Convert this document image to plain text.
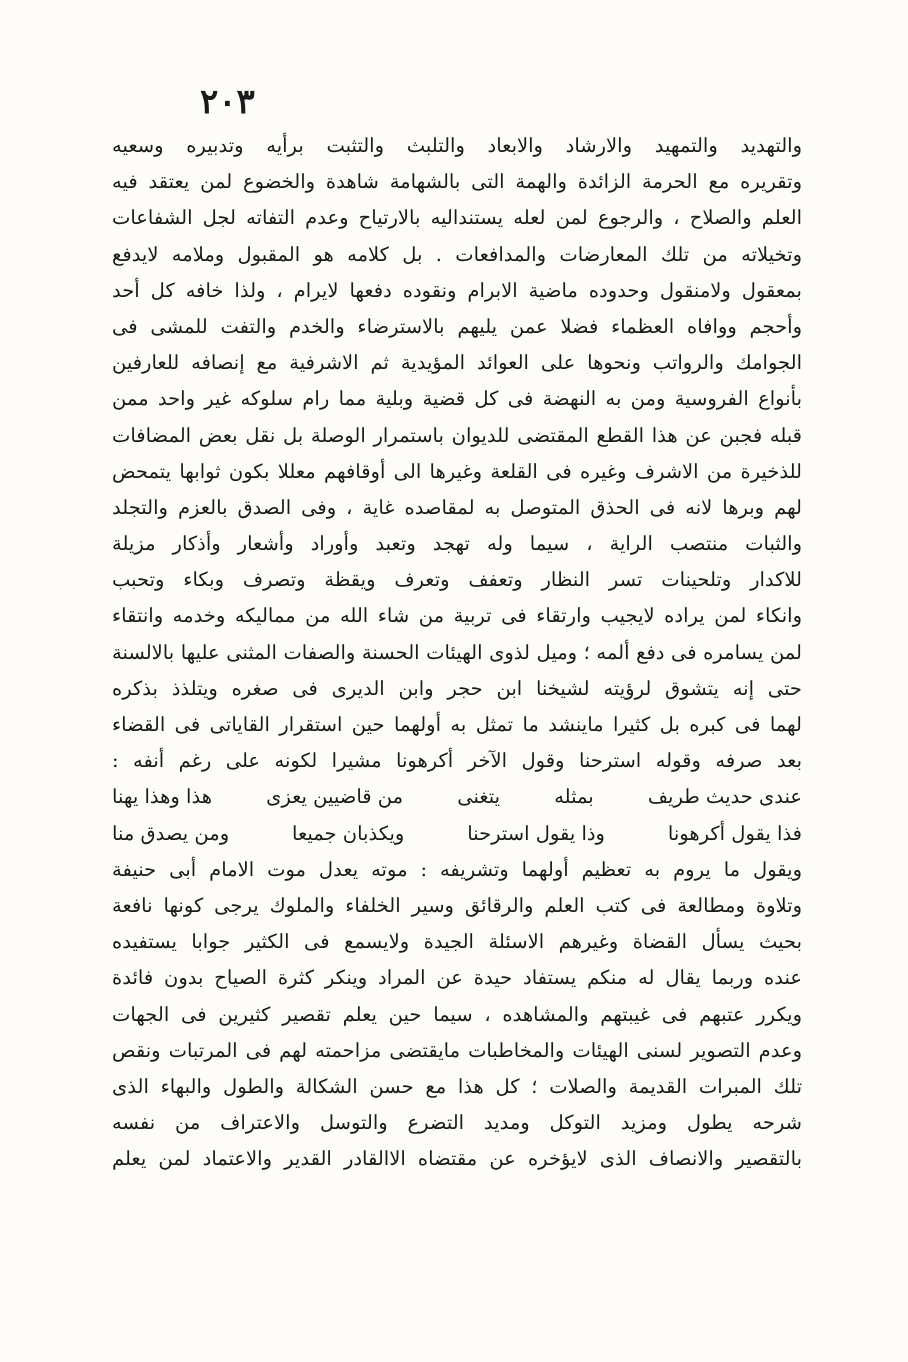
٢٠٣
والتهديد والتمهيد والارشاد والابعاد والتلبث والتثبت برأيه وتدبيره وسعيه
وتقريره مع الحرمة الزائدة والهمة التى بالشهامة شاهدة والخضوع لمن يعتقد فيه
العلم والصلاح ، والرجوع لمن لعله يستنداليه بالارتياح وعدم التفاته لجل الشفاعات
وتخيلاته من تلك المعارضات والمدافعات . بل كلامه هو المقبول وملامه لايدفع
بمعقول ولامنقول وحدوده ماضية الابرام ونقوده دفعها لايرام ، ولذا خافه كل أحد
وأحجم ووافاه العظماء فضلا عمن يليهم بالاسترضاء والخدم والتفت للمشى فى
الجوامك والرواتب ونحوها على العوائد المؤيدية ثم الاشرفية مع إنصافه للعارفين
بأنواع الفروسية ومن به النهضة فى كل قضية وبلية مما رام سلوكه غير واحد ممن
قبله فجبن عن هذا القطع المقتضى للديوان باستمرار الوصلة بل نقل بعض المضافات
للذخيرة من الاشرف وغيره فى القلعة وغيرها الى أوقافهم معللا بكون ثوابها يتمحض
لهم وبرها لانه فى الحذق المتوصل به لمقاصده غاية ، وفى الصدق بالعزم والتجلد
والثبات منتصب الراية ، سيما وله تهجد وتعبد وأوراد وأشعار وأذكار مزيلة
للاكدار وتلحينات تسر النظار وتعفف وتعرف ويقظة وتصرف وبكاء وتحبب
وانكاء لمن يراده لايجيب وارتقاء فى تربية من شاء الله من مماليكه وخدمه وانتقاء
لمن يسامره فى دفع ألمه ؛ وميل لذوى الهيئات الحسنة والصفات المثنى عليها بالالسنة
حتى إنه يتشوق لرؤيته لشيخنا ابن حجر وابن الديرى فى صغره ويتلذذ بذكره
لهما فى كبره بل كثيرا ماينشد ما تمثل به أولهما حين استقرار القاياتى فى القضاء
بعد صرفه وقوله استرحنا وقول الآخر أكرهونا مشيرا لكونه على رغم أنفه :
عندى حديث طريف
بمثله
يتغنى
من قاضيين يعزى
هذا وهذا يهنا
فذا يقول أكرهونا
وذا يقول استرحنا
ويكذبان جميعا
ومن يصدق منا
ويقول ما يروم به تعظيم أولهما وتشريفه : موته يعدل موت الامام أبى حنيفة
وتلاوة ومطالعة فى كتب العلم والرقائق وسير الخلفاء والملوك يرجى كونها نافعة
بحيث يسأل القضاة وغيرهم الاسئلة الجيدة ولايسمع فى الكثير جوابا يستفيده
عنده وربما يقال له منكم يستفاد حيدة عن المراد وينكر كثرة الصياح بدون فائدة
ويكرر عتبهم فى غيبتهم والمشاهده ، سيما حين يعلم تقصير كثيرين فى الجهات
وعدم التصوير لسنى الهيئات والمخاطبات مايقتضى مزاحمته لهم فى المرتبات ونقص
تلك المبرات القديمة والصلات ؛ كل هذا مع حسن الشكالة والطول والبهاء الذى
شرحه يطول ومزيد التوكل ومديد التضرع والتوسل والاعتراف من نفسه
بالتقصير والانصاف الذى لايؤخره عن مقتضاه الاالقادر القدير والاعتماد لمن يعلم
